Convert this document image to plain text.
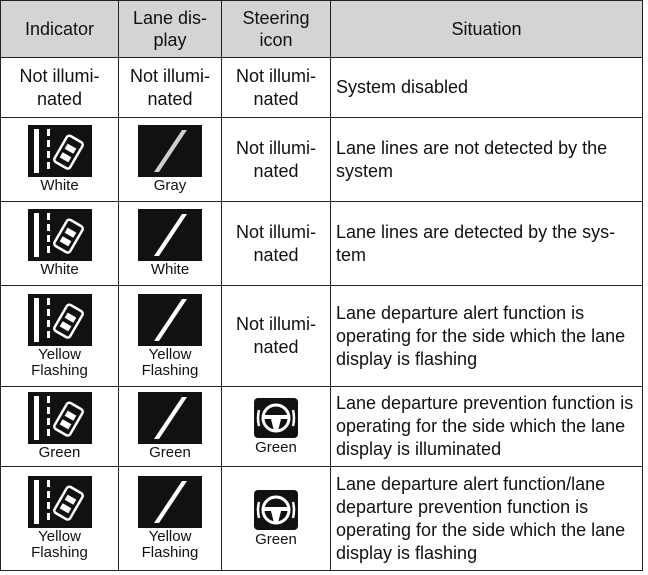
Indicator	Lane dis-play	Steering icon	Situation
Not illumi-nated	Not illumi-nated	Not illumi-nated	System disabled

White	Gray	Not illumi-nated	Lane lines are not detected by the system

White	White	Not illumi-nated	Lane lines are detected by the sys-tem

Yellow Flashing	Yellow Flashing	Not illumi-nated	Lane departure alert function is operating for the side which the lane display is flashing

Green	Green	Green	Lane departure prevention function is operating for the side which the lane display is illuminated

Yellow Flashing	Yellow Flashing	Green	Lane departure alert function/lane departure prevention function is operating for the side which the lane display is flashing
